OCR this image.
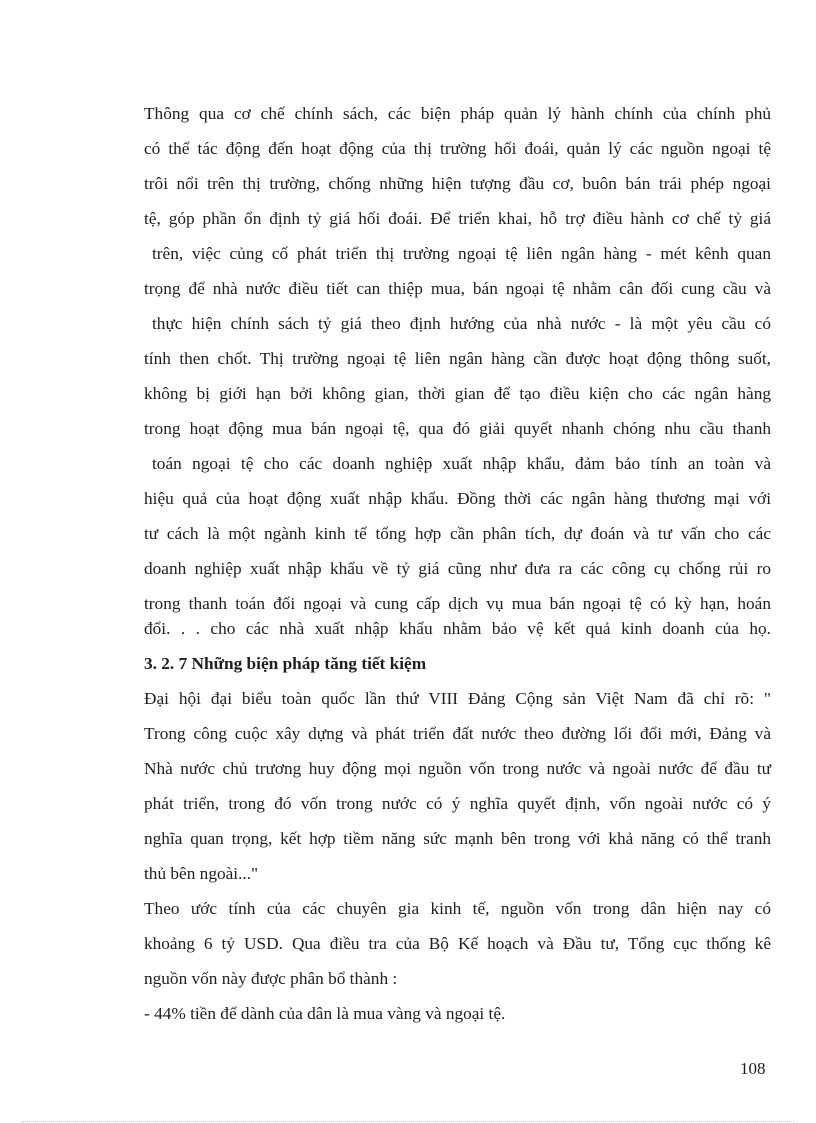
Thông qua cơ chế chính sách, các biện pháp quản lý hành chính của chính phủ
có thể tác động đến hoạt động của thị trường hối đoái, quản lý các nguồn ngoại tệ
trôi nổi trên thị trường, chống những hiện tượng đầu cơ, buôn bán trái phép ngoại
tệ, góp phần ổn định tỷ giá hối đoái. Để triển khai, hỗ trợ điều hành cơ chế tỷ giá
trên, việc củng cố phát triển thị trường ngoại tệ liên ngân hàng - mét kênh quan
trọng để nhà nước điều tiết can thiệp mua, bán ngoại tệ nhằm cân đối cung cầu và
thực hiện chính sách tỷ giá theo định hướng của nhà nước - là một yêu cầu có
tính then chốt. Thị trường ngoại tệ liên ngân hàng cần được hoạt động thông suốt,
không bị giới hạn bởi không gian, thời gian để tạo điều kiện cho các ngân hàng
trong hoạt động mua bán ngoại tệ, qua đó giải quyết nhanh chóng nhu cầu thanh
toán ngoại tệ cho các doanh nghiệp xuất nhập khẩu, đảm bảo tính an toàn và
hiệu quả của hoạt động xuất nhập khẩu. Đồng thời các ngân hàng thương mại với
tư cách là một ngành kinh tế tổng hợp cần phân tích, dự đoán và tư vấn cho các
doanh nghiệp xuất nhập khẩu về tỷ giá cũng như đưa ra các công cụ chống rủi ro
trong thanh toán đối ngoại và cung cấp dịch vụ mua bán ngoại tệ có kỳ hạn, hoán
đổi. . . cho các nhà xuất nhập khẩu nhằm bảo vệ kết quả kinh doanh của họ.
3. 2. 7 Những biện pháp tăng tiết kiệm
Đại hội đại biểu toàn quốc lần thứ VIII Đảng Cộng sản Việt Nam đã chỉ rõ: "
Trong công cuộc xây dựng và phát triển đất nước theo đường lối đổi mới, Đảng và
Nhà nước chủ trương huy động mọi nguồn vốn trong nước và ngoài nước để đầu tư
phát triển, trong đó vốn trong nước có ý nghĩa quyết định, vốn ngoài nước có ý
nghĩa quan trọng, kết hợp tiềm năng sức mạnh bên trong với khả năng có thể tranh
thủ bên ngoài..."
Theo ước tính của các chuyên gia kinh tế, nguồn vốn trong dân hiện nay có
khoảng 6 tỷ USD. Qua điều tra của Bộ Kế hoạch và Đầu tư, Tổng cục thống kê
nguồn vốn này được phân bổ thành :
- 44% tiền để dành của dân là mua vàng và ngoại tệ.
108
